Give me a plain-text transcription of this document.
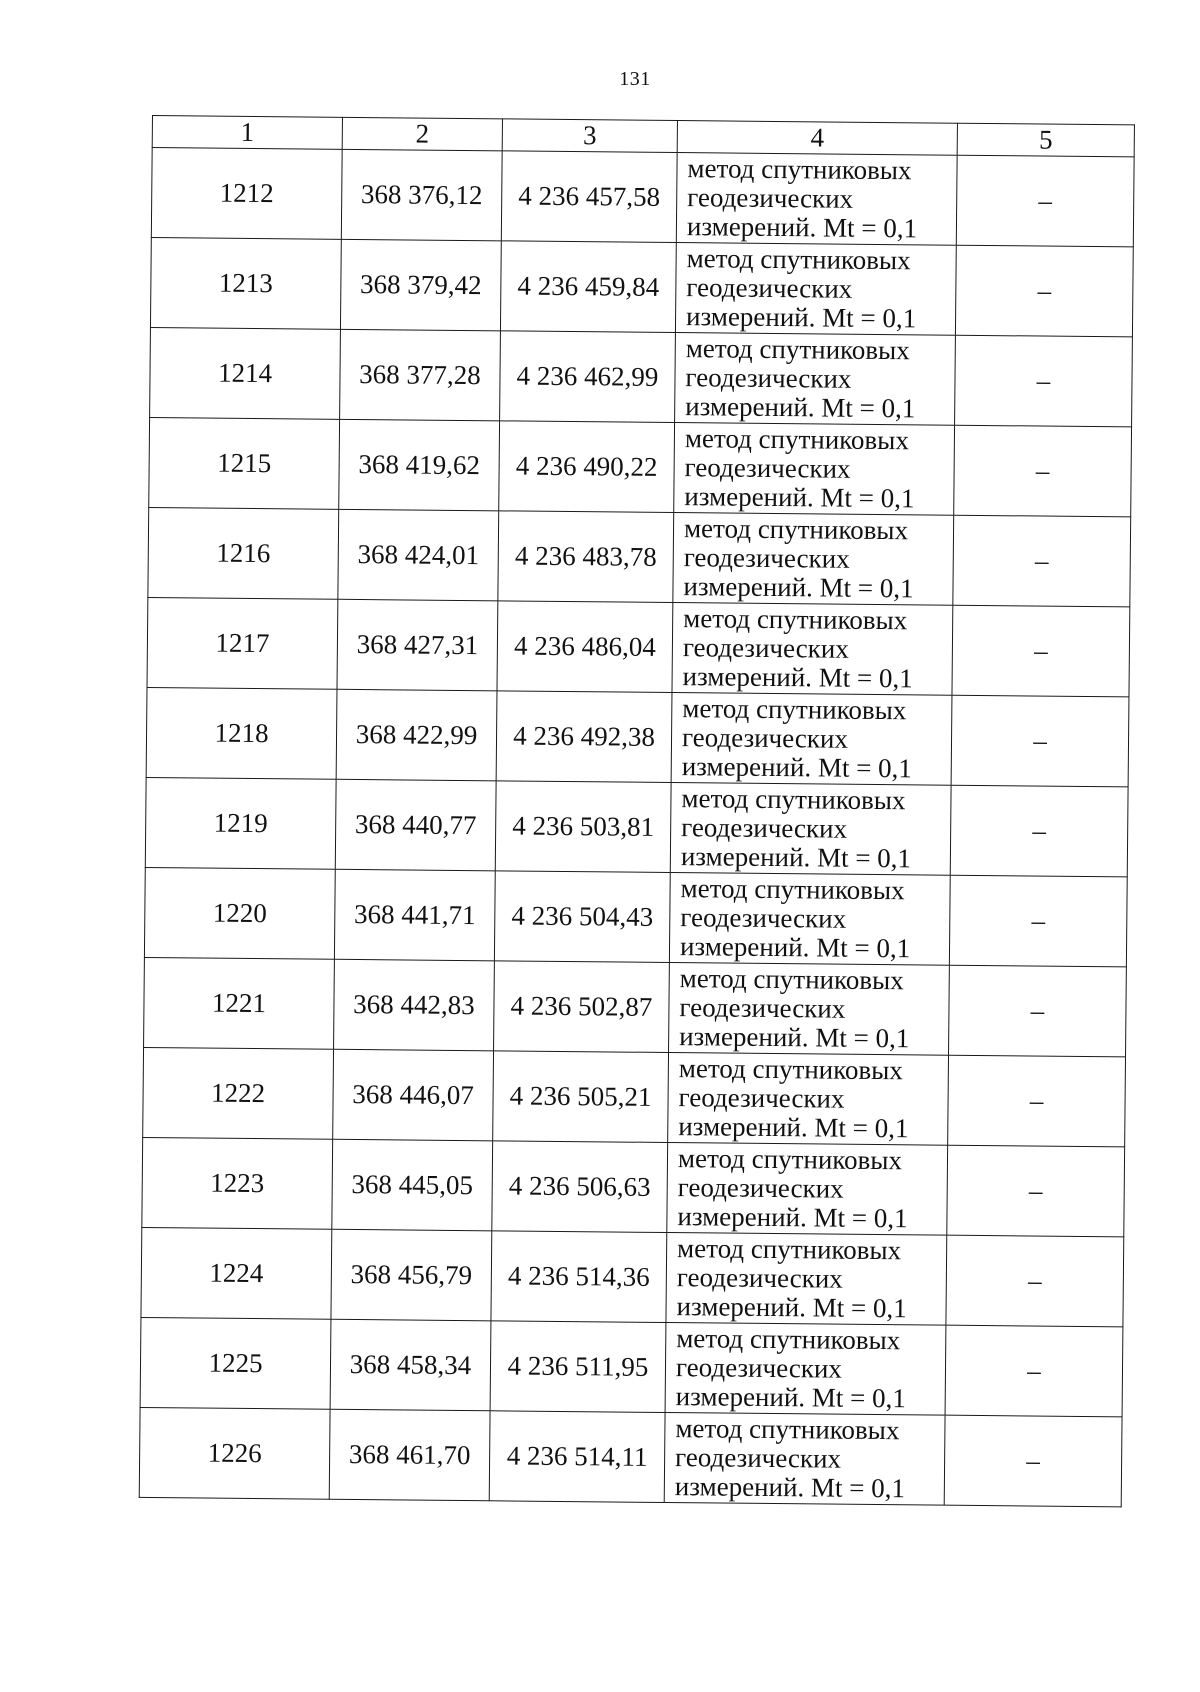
131
1	2	3	4	5
1212	368 376,12	4 236 457,58	метод спутниковых
геодезических
измерений. Mt = 0,1	–
1213	368 379,42	4 236 459,84	метод спутниковых
геодезических
измерений. Mt = 0,1	–
1214	368 377,28	4 236 462,99	метод спутниковых
геодезических
измерений. Mt = 0,1	–
1215	368 419,62	4 236 490,22	метод спутниковых
геодезических
измерений. Mt = 0,1	–
1216	368 424,01	4 236 483,78	метод спутниковых
геодезических
измерений. Mt = 0,1	–
1217	368 427,31	4 236 486,04	метод спутниковых
геодезических
измерений. Mt = 0,1	–
1218	368 422,99	4 236 492,38	метод спутниковых
геодезических
измерений. Mt = 0,1	–
1219	368 440,77	4 236 503,81	метод спутниковых
геодезических
измерений. Mt = 0,1	–
1220	368 441,71	4 236 504,43	метод спутниковых
геодезических
измерений. Mt = 0,1	–
1221	368 442,83	4 236 502,87	метод спутниковых
геодезических
измерений. Mt = 0,1	–
1222	368 446,07	4 236 505,21	метод спутниковых
геодезических
измерений. Mt = 0,1	–
1223	368 445,05	4 236 506,63	метод спутниковых
геодезических
измерений. Mt = 0,1	–
1224	368 456,79	4 236 514,36	метод спутниковых
геодезических
измерений. Mt = 0,1	–
1225	368 458,34	4 236 511,95	метод спутниковых
геодезических
измерений. Mt = 0,1	–
1226	368 461,70	4 236 514,11	метод спутниковых
геодезических
измерений. Mt = 0,1	–
